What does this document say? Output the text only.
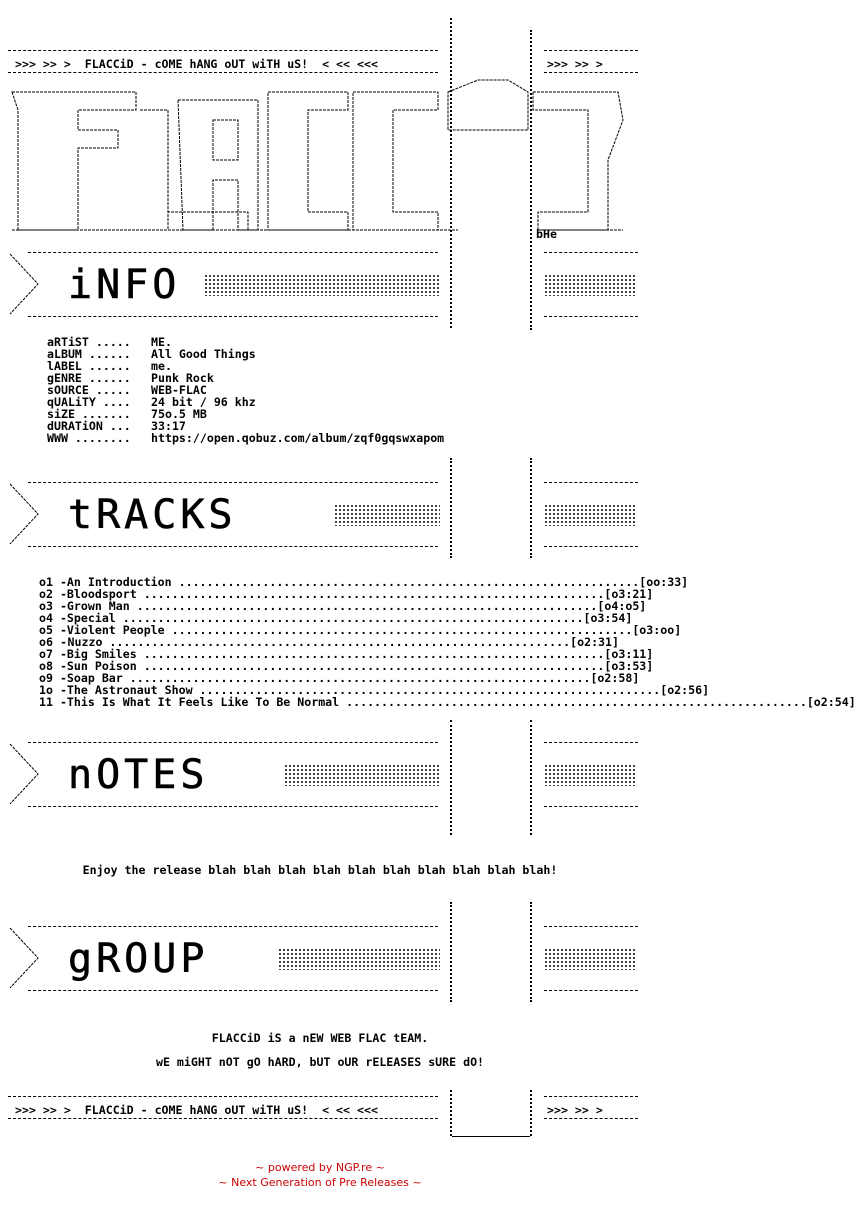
>>> >> >  FLACCiD - cOME hANG oUT wiTH uS!  < << <<<	>>> >> >
bHe
iNFO
aRTiST .....	ME.
aLBUM ......	All Good Things
lABEL ......	me.
gENRE ......	Punk Rock
sOURCE .....	WEB-FLAC
qUALiTY ....	24 bit / 96 khz
siZE .......	75o.5 MB
dURATiON ...	33:17
WWW ........	https://open.qobuz.com/album/zqf0gqswxapom
tRACKS
o1 - An Introduction .................................................................. [oo:33]
o2 - Bloodsport .................................................................. [o3:21]
o3 - Grown Man .................................................................. [o4:o5]
o4 - Special .................................................................. [o3:54]
o5 - Violent People .................................................................. [o3:oo]
o6 - Nuzzo .................................................................. [o2:31]
o7 - Big Smiles .................................................................. [o3:11]
o8 - Sun Poison .................................................................. [o3:53]
o9 - Soap Bar .................................................................. [o2:58]
1o - The Astronaut Show .................................................................. [o2:56]
11 - This Is What It Feels Like To Be Normal .................................................................. [o2:54]
nOTES
Enjoy the release blah blah blah blah blah blah blah blah blah blah!
gROUP
FLACCiD iS a nEW WEB FLAC tEAM.
wE miGHT nOT gO hARD, bUT oUR rELEASES sURE dO!
>>> >> >  FLACCiD - cOME hANG oUT wiTH uS!  < << <<<	>>> >> >
~ powered by NGP.re ~
~ Next Generation of Pre Releases ~
